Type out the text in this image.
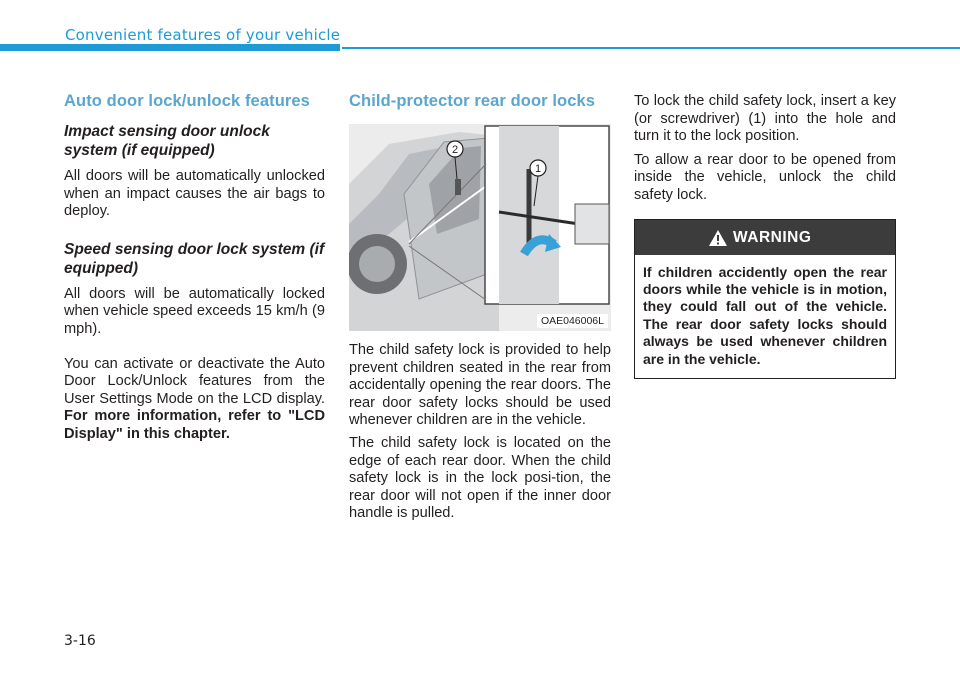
Convenient features of your vehicle
Auto door lock/unlock features
Impact sensing door unlock system (if equipped)

All doors will be automatically unlocked when an impact causes the air bags to deploy.

Speed sensing door lock system (if equipped)

All doors will be automatically locked when vehicle speed exceeds 15 km/h (9 mph).

You can activate or deactivate the Auto Door Lock/Unlock features from the User Settings Mode on the LCD display. For more information, refer to "LCD Display" in this chapter.

Child-protector rear door locks
1
2
OAE046006L

The child safety lock is provided to help prevent children seated in the rear from accidentally opening the rear doors. The rear door safety locks should be used whenever children are in the vehicle.

The child safety lock is located on the edge of each rear door. When the child safety lock is in the lock posi-tion, the rear door will not open if the inner door handle is pulled.

To lock the child safety lock, insert a key (or screwdriver) (1) into the hole and turn it to the lock position.

To allow a rear door to be opened from inside the vehicle, unlock the child safety lock.

WARNING

If children accidently open the rear doors while the vehicle is in motion, they could fall out of the vehicle. The rear door safety locks should always be used whenever children are in the vehicle.

3-16
